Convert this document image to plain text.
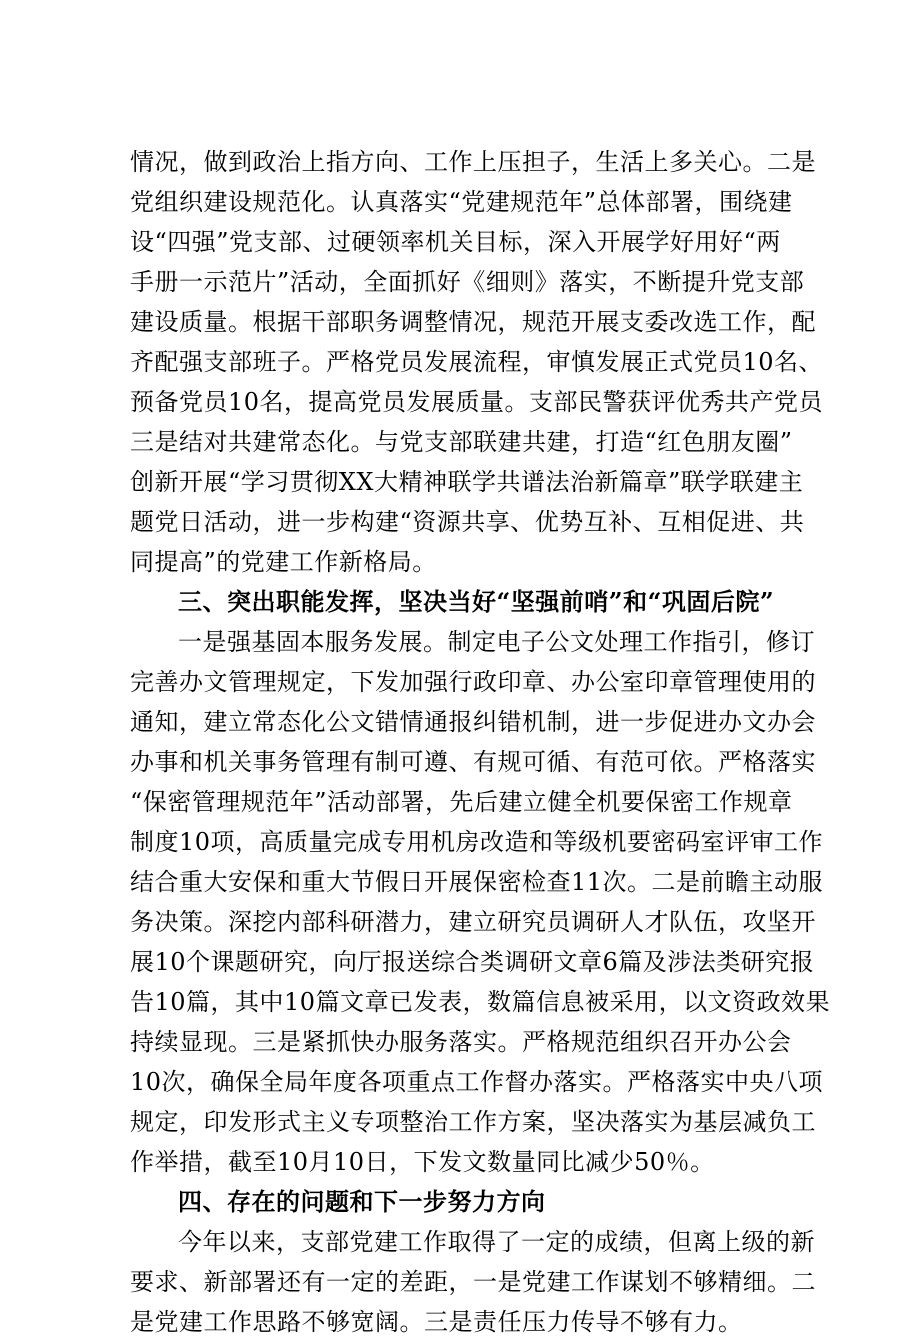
情况，做到政治上指方向、工作上压担子，生活上多关心。二是
党组织建设规范化。认真落实“党建规范年”总体部署，围绕建
设“四强”党支部、过硬领率机关目标，深入开展学好用好“两
手册一示范片”活动，全面抓好《细则》落实，不断提升党支部
建设质量。根据干部职务调整情况，规范开展支委改选工作，配
齐配强支部班子。严格党员发展流程，审慎发展正式党员10名、
预备党员10名，提高党员发展质量。支部民警获评优秀共产党员
三是结对共建常态化。与党支部联建共建，打造“红色朋友圈”
创新开展“学习贯彻XX大精神联学共谱法治新篇章”联学联建主
题党日活动，进一步构建“资源共享、优势互补、互相促进、共
同提高”的党建工作新格局。
三、突出职能发挥，坚决当好“坚强前哨”和“巩固后院”
一是强基固本服务发展。制定电子公文处理工作指引，修订
完善办文管理规定，下发加强行政印章、办公室印章管理使用的
通知，建立常态化公文错情通报纠错机制，进一步促进办文办会
办事和机关事务管理有制可遵、有规可循、有范可依。严格落实
“保密管理规范年”活动部署，先后建立健全机要保密工作规章
制度10项，高质量完成专用机房改造和等级机要密码室评审工作
结合重大安保和重大节假日开展保密检查11次。二是前瞻主动服
务决策。深挖内部科研潜力，建立研究员调研人才队伍，攻坚开
展10个课题研究，向厅报送综合类调研文章6篇及涉法类研究报
告10篇，其中10篇文章已发表，数篇信息被采用，以文资政效果
持续显现。三是紧抓快办服务落实。严格规范组织召开办公会
10次，确保全局年度各项重点工作督办落实。严格落实中央八项
规定，印发形式主义专项整治工作方案，坚决落实为基层减负工
作举措，截至10月10日，下发文数量同比减少50％。
四、存在的问题和下一步努力方向
今年以来，支部党建工作取得了一定的成绩，但离上级的新
要求、新部署还有一定的差距，一是党建工作谋划不够精细。二
是党建工作思路不够宽阔。三是责任压力传导不够有力。
